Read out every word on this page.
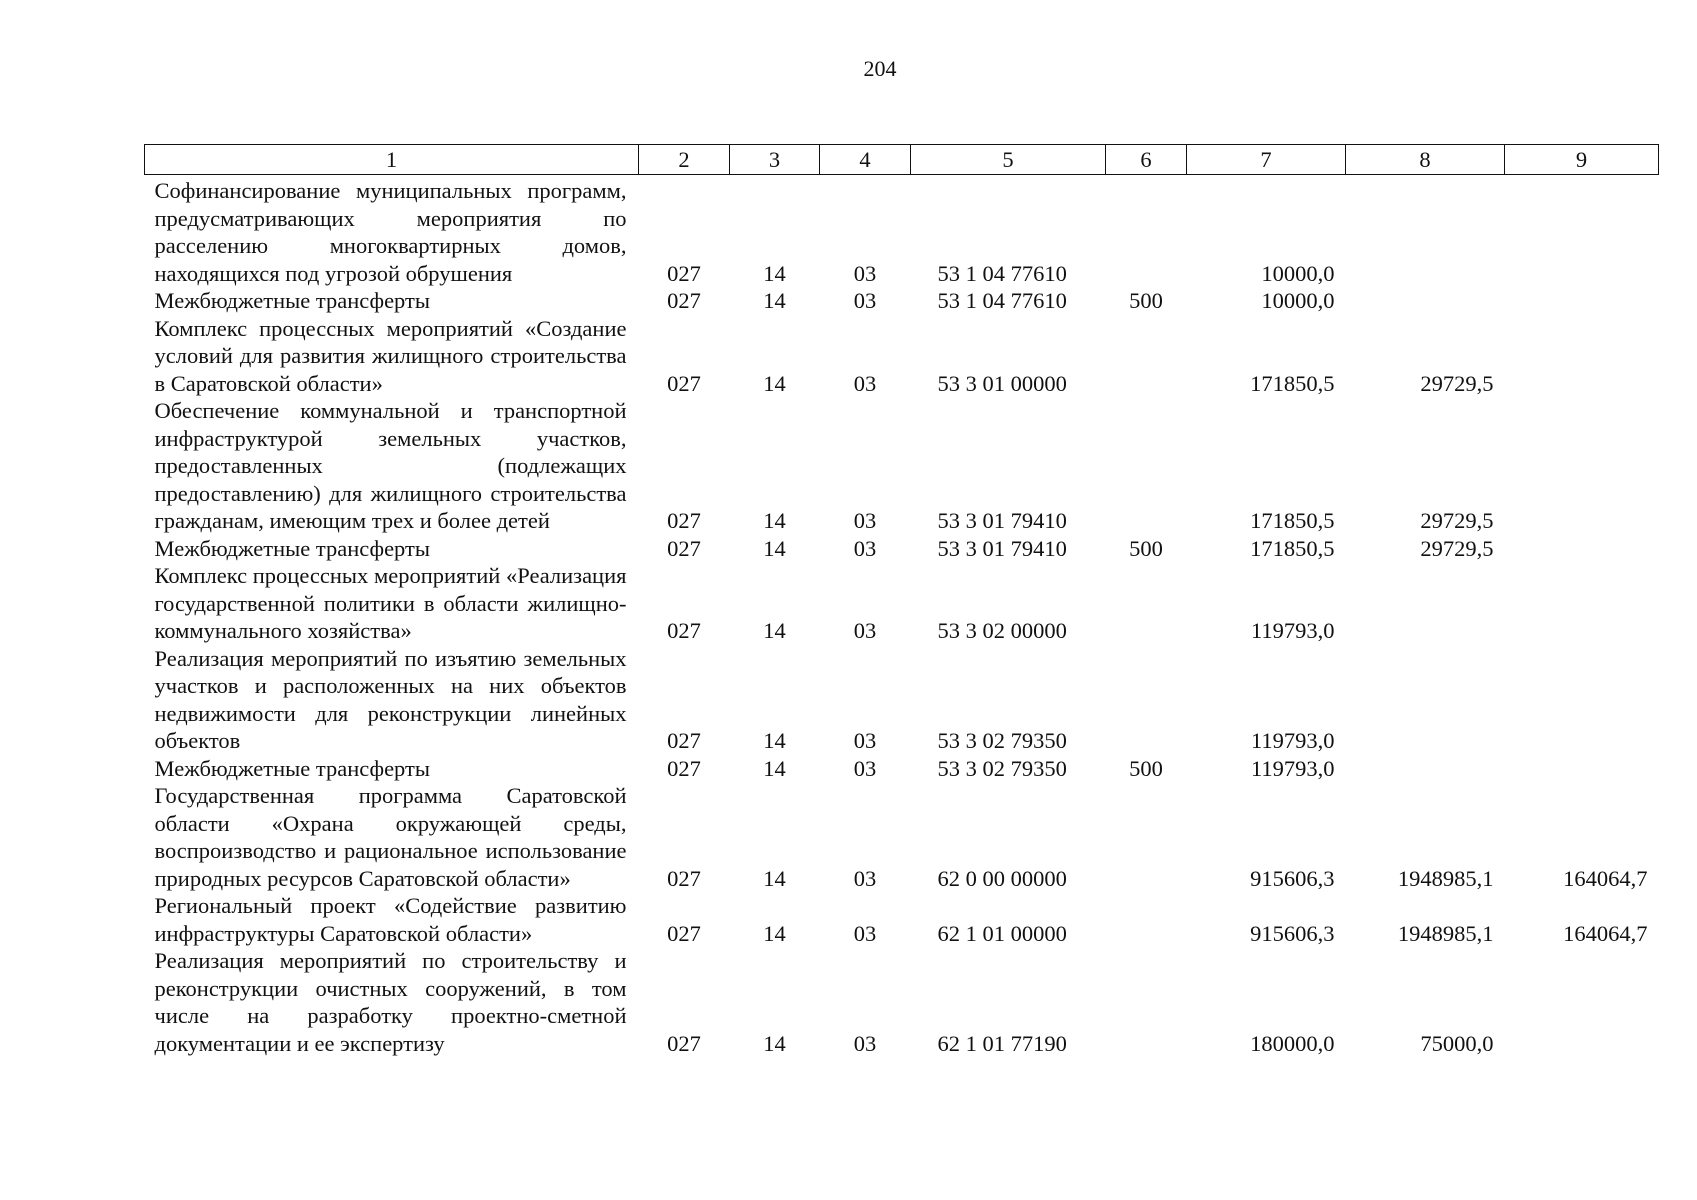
204
1	2	3	4	5	6	7	8	9
Софинансирование муниципальных программ, предусматривающих мероприятия по расселению многоквартирных домов, находящихся под угрозой обрушения	027	14	03	53 1 04 77610		10000,0		
Межбюджетные трансферты	027	14	03	53 1 04 77610	500	10000,0		
Комплекс процессных мероприятий «Создание условий для развития жилищного строительства в Саратовской области»	027	14	03	53 3 01 00000		171850,5	29729,5	
Обеспечение коммунальной и транспортной инфраструктурой земельных участков, предоставленных (подлежащих предоставлению) для жилищного строительства гражданам, имеющим трех и более детей	027	14	03	53 3 01 79410		171850,5	29729,5	
Межбюджетные трансферты	027	14	03	53 3 01 79410	500	171850,5	29729,5	
Комплекс процессных мероприятий «Реализация государственной политики в области жилищно-коммунального хозяйства»	027	14	03	53 3 02 00000		119793,0		
Реализация мероприятий по изъятию земельных участков и расположенных на них объектов недвижимости для реконструкции линейных объектов	027	14	03	53 3 02 79350		119793,0		
Межбюджетные трансферты	027	14	03	53 3 02 79350	500	119793,0		
Государственная программа Саратовской области «Охрана окружающей среды, воспроизводство и рациональное использование природных ресурсов Саратовской области»	027	14	03	62 0 00 00000		915606,3	1948985,1	164064,7
Региональный проект «Содействие развитию инфраструктуры Саратовской области»	027	14	03	62 1 01 00000		915606,3	1948985,1	164064,7
Реализация мероприятий по строительству и реконструкции очистных сооружений, в том числе на разработку проектно-сметной документации и ее экспертизу	027	14	03	62 1 01 77190		180000,0	75000,0	
